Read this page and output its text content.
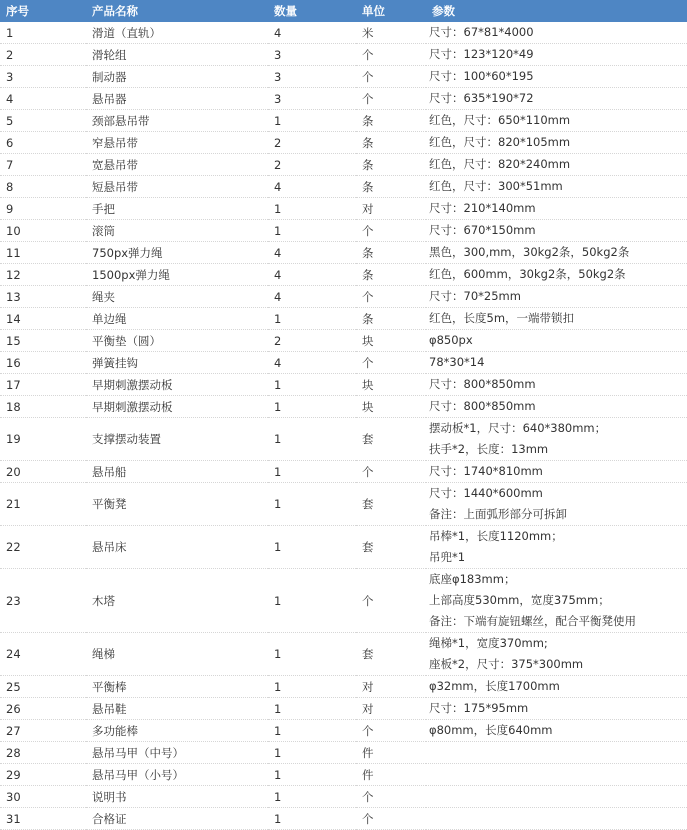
序号	产品名称	数量	单位	参数
1	滑道（直轨）	4	米	尺寸：67*81*4000

2	滑轮组	3	个	尺寸：123*120*49

3	制动器	3	个	尺寸：100*60*195

4	悬吊器	3	个	尺寸：635*190*72

5	颈部悬吊带	1	条	红色，尺寸：650*110mm

6	窄悬吊带	2	条	红色，尺寸：820*105mm

7	宽悬吊带	2	条	红色，尺寸：820*240mm

8	短悬吊带	4	条	红色，尺寸：300*51mm

9	手把	1	对	尺寸：210*140mm

10	滚筒	1	个	尺寸：670*150mm

11	750px弹力绳	4	条	黑色，300,mm，30kg2条，50kg2条

12	1500px弹力绳	4	条	红色，600mm，30kg2条，50kg2条

13	绳夹	4	个	尺寸：70*25mm

14	单边绳	1	条	红色，长度5m，一端带锁扣

15	平衡垫（圆）	2	块	φ850px

16	弹簧挂钩	4	个	78*30*14

17	早期刺激摆动板	1	块	尺寸：800*850mm

18	早期刺激摆动板	1	块	尺寸：800*850mm

19	支撑摆动装置	1	套	摆动板*1，尺寸：640*380mm；
扶手*2，长度：13mm

20	悬吊船	1	个	尺寸：1740*810mm

21	平衡凳	1	套	尺寸：1440*600mm
备注：上面弧形部分可拆卸

22	悬吊床	1	套	吊棒*1，长度1120mm；
吊兜*1

23	木塔	1	个	底座φ183mm；
上部高度530mm，宽度375mm；
备注：下端有旋钮螺丝，配合平衡凳使用

24	绳梯	1	套	绳梯*1，宽度370mm;
座板*2，尺寸：375*300mm

25	平衡棒	1	对	φ32mm，长度1700mm

26	悬吊鞋	1	对	尺寸：175*95mm

27	多功能棒	1	个	φ80mm，长度640mm

28	悬吊马甲（中号）	1	件	

29	悬吊马甲（小号）	1	件	

30	说明书	1	个	

31	合格证	1	个	
